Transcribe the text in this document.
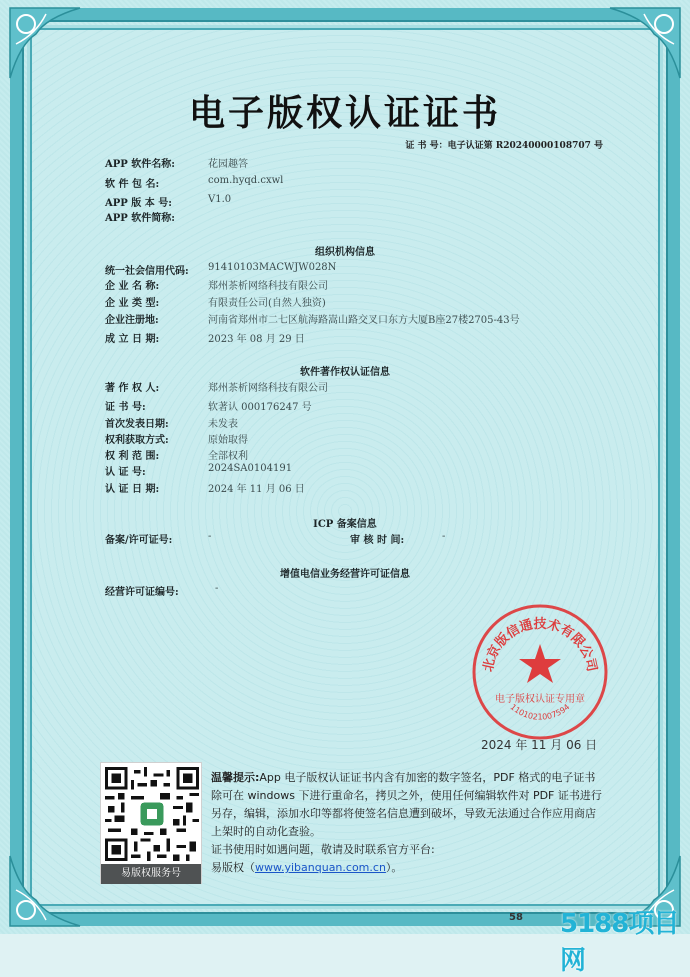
电子版权认证证书
证 书 号：电子认证第 R20240000108707 号
APP 软件名称:	花园趣答
软 件 包 名:	com.hyqd.cxwl
APP 版 本 号:	V1.0
APP 软件简称:
组织机构信息
统一社会信用代码:	91410103MACWJW028N
企 业 名 称:	郑州茶析网络科技有限公司
企 业 类 型:	有限责任公司(自然人独资)
企业注册地:	河南省郑州市二七区航海路嵩山路交叉口东方大厦B座27楼2705-43号
成 立 日 期:	2023 年 08 月 29 日
软件著作权认证信息
著 作 权 人:	郑州茶析网络科技有限公司
证 书 号:	软著认 000176247 号
首次发表日期:	未发表
权利获取方式:	原始取得
权 利 范 围:	全部权利
认 证 号:	2024SA0104191
认 证 日 期:	2024 年 11 月 06 日
ICP 备案信息
备案/许可证号:	-	审 核 时 间:	-
增值电信业务经营许可证信息
经营许可证编号:	-
北京版信通技术有限公司
电子版权认证专用章
1101021007594
2024 年 11 月 06 日
易版权服务号
温馨提示:App 电子版权认证证书内含有加密的数字签名，PDF 格式的电子证书除可在 windows 下进行重命名，拷贝之外，使用任何编辑软件对 PDF 证书进行另存，编辑，添加水印等都将使签名信息遭到破坏，导致无法通过合作应用商店上架时的自动化查验。
证书使用时如遇问题，敬请及时联系官方平台:
易版权（www.yibanquan.com.cn）。
58 5188项目网
